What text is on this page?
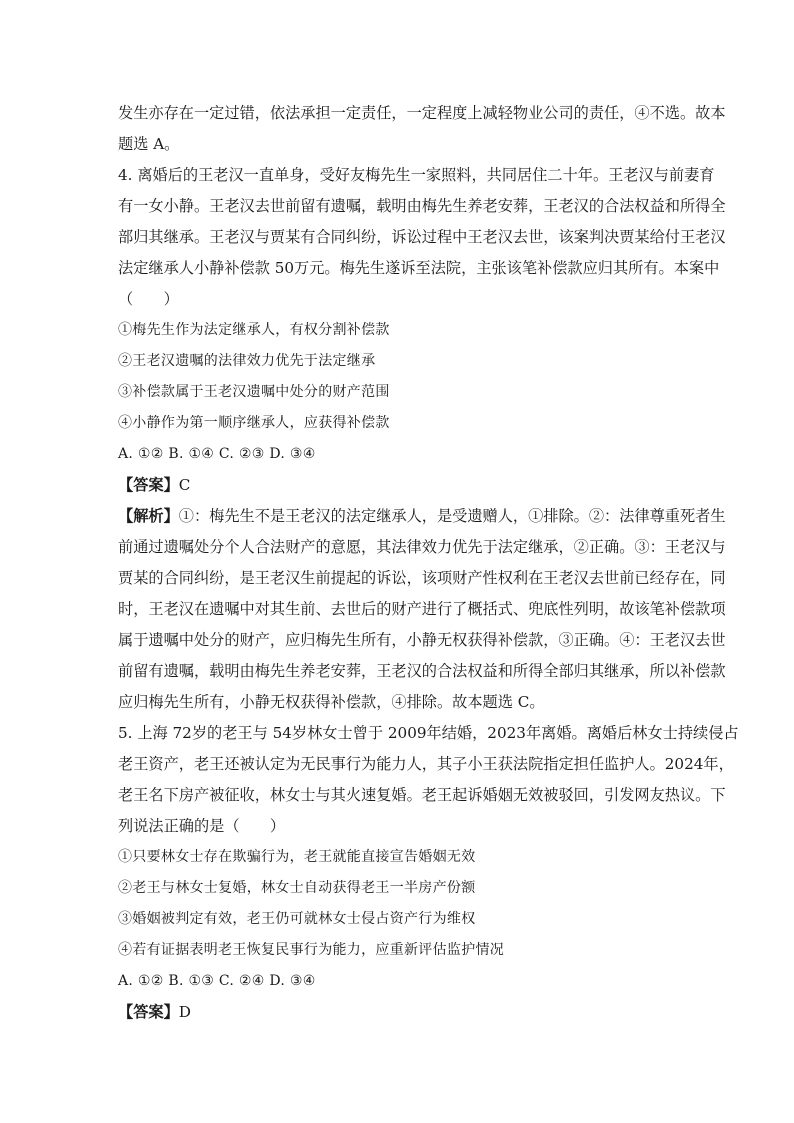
发生亦存在一定过错，依法承担一定责任，一定程度上减轻物业公司的责任，④不选。故本
题选 A。
4. 离婚后的王老汉一直单身，受好友梅先生一家照料，共同居住二十年。王老汉与前妻育
有一女小静。王老汉去世前留有遗嘱，载明由梅先生养老安葬，王老汉的合法权益和所得全
部归其继承。王老汉与贾某有合同纠纷，诉讼过程中王老汉去世，该案判决贾某给付王老汉
法定继承人小静补偿款 50万元。梅先生遂诉至法院，主张该笔补偿款应归其所有。本案中
（　　）
①梅先生作为法定继承人，有权分割补偿款
②王老汉遗嘱的法律效力优先于法定继承
③补偿款属于王老汉遗嘱中处分的财产范围
④小静作为第一顺序继承人，应获得补偿款
A. ①② B. ①④ C. ②③ D. ③④
【答案】C
【解析】①：梅先生不是王老汉的法定继承人，是受遗赠人，①排除。②：法律尊重死者生
前通过遗嘱处分个人合法财产的意愿，其法律效力优先于法定继承，②正确。③：王老汉与
贾某的合同纠纷，是王老汉生前提起的诉讼，该项财产性权利在王老汉去世前已经存在，同
时，王老汉在遗嘱中对其生前、去世后的财产进行了概括式、兜底性列明，故该笔补偿款项
属于遗嘱中处分的财产，应归梅先生所有，小静无权获得补偿款，③正确。④：王老汉去世
前留有遗嘱，载明由梅先生养老安葬，王老汉的合法权益和所得全部归其继承，所以补偿款
应归梅先生所有，小静无权获得补偿款，④排除。故本题选 C。
5. 上海 72岁的老王与 54岁林女士曾于 2009年结婚，2023年离婚。离婚后林女士持续侵占
老王资产，老王还被认定为无民事行为能力人，其子小王获法院指定担任监护人。2024年，
老王名下房产被征收，林女士与其火速复婚。老王起诉婚姻无效被驳回，引发网友热议。下
列说法正确的是（　　）
①只要林女士存在欺骗行为，老王就能直接宣告婚姻无效
②老王与林女士复婚，林女士自动获得老王一半房产份额
③婚姻被判定有效，老王仍可就林女士侵占资产行为维权
④若有证据表明老王恢复民事行为能力，应重新评估监护情况
A. ①② B. ①③ C. ②④ D. ③④
【答案】D
